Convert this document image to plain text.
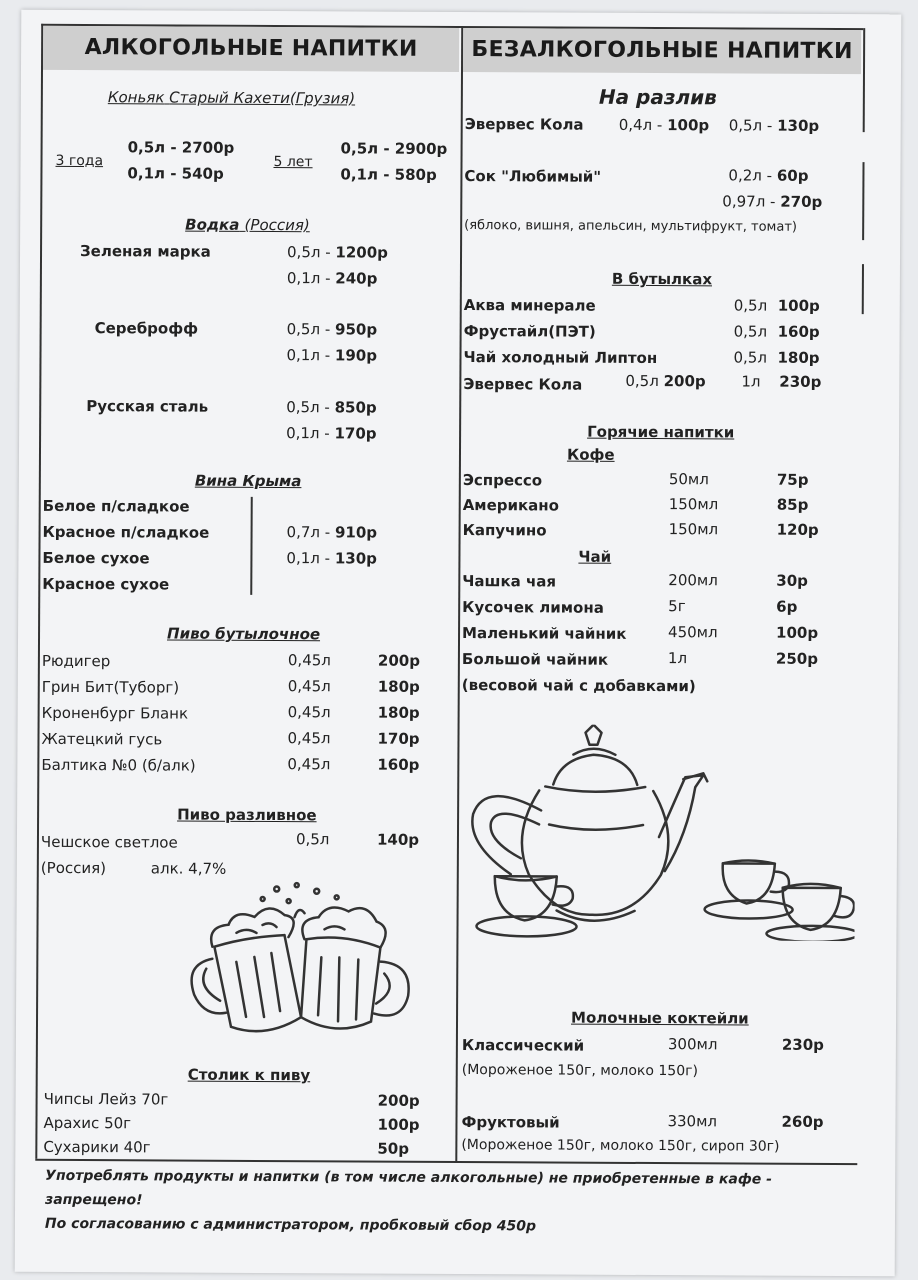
АЛКОГОЛЬНЫЕ НАПИТКИ	БЕЗАЛКОГОЛЬНЫЕ НАПИТКИ
Коньяк Старый Кахети(Грузия)
3 года
0,5л - 2700р
0,1л - 540р
5 лет
0,5л - 2900р
0,1л - 580р
Водка (Россия)
Зеленая марка	0,5л - 1200р
0,1л - 240р
Сереброфф	0,5л - 950р
0,1л - 190р
Русская сталь	0,5л - 850р
0,1л - 170р
Вина Крыма
Белое п/сладкое
Красное п/сладкое
Белое сухое
Красное сухое
0,7л - 910р
0,1л - 130р
Пиво бутылочное
Рюдигер	0,45л	200р
Грин Бит(Туборг)	0,45л	180р
Кроненбург Бланк	0,45л	180р
Жатецкий гусь	0,45л	170р
Балтика №0 (б/алк)	0,45л	160р
Пиво разливное
Чешское светлое	0,5л	140р
(Россия)	алк. 4,7%
Столик к пиву
Чипсы Лейз 70г	200р
Арахис 50г	100р
Сухарики 40г	50р
На разлив
Эвервес Кола 0,4л - 100р 0,5л - 130р
Сок "Любимый"	0,2л - 60р
0,97л - 270р
(яблоко, вишня, апельсин, мультифрукт, томат)
В бутылках
Аква минерале	0,5л 100р
Фрустайл(ПЭТ)	0,5л 160р
Чай холодный Липтон	0,5л 180р
Эвервес Кола	0,5л 200р 1л 230р
Горячие напитки
Кофе
Эспрессо	50мл	75р
Американо	150мл	85р
Капучино	150мл	120р
Чай
Чашка чая	200мл	30р
Кусочек лимона	5г	6р
Маленький чайник	450мл	100р
Большой чайник	1л	250р
(весовой чай с добавками)
Молочные коктейли
Классический	300мл	230р
(Мороженое 150г, молоко 150г)
Фруктовый	330мл	260р
(Мороженое 150г, молоко 150г, сироп 30г)
Употреблять продукты и напитки (в том числе алкогольные) не приобретенные в кафе -
запрещено!
По согласованию с администратором, пробковый сбор 450р
